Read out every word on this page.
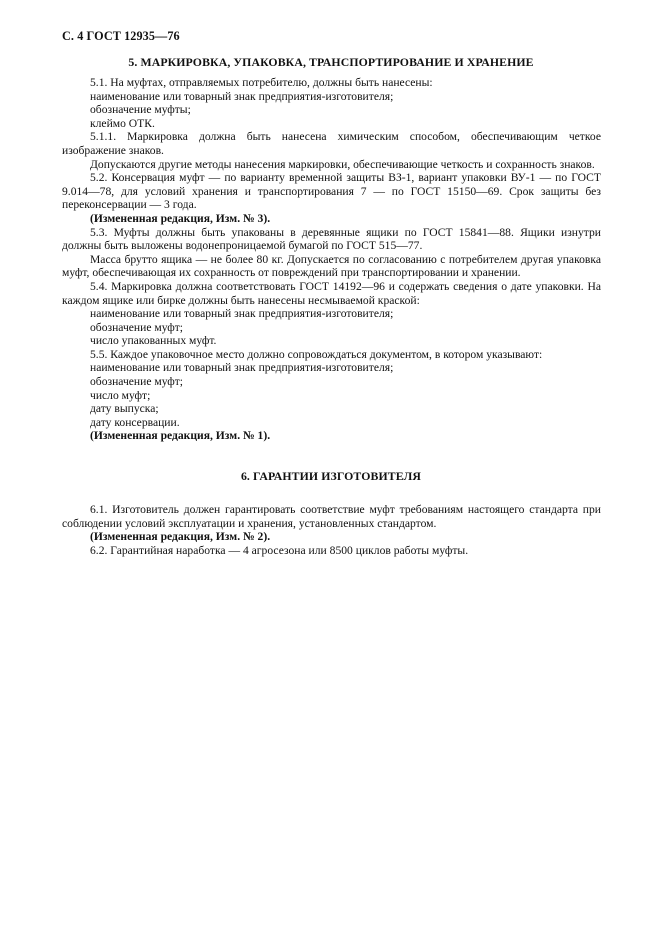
С. 4 ГОСТ 12935—76
5. МАРКИРОВКА, УПАКОВКА, ТРАНСПОРТИРОВАНИЕ И ХРАНЕНИЕ

5.1. На муфтах, отправляемых потребителю, должны быть нанесены:

наименование или товарный знак предприятия-изготовителя;

обозначение муфты;

клеймо ОТК.

5.1.1. Маркировка должна быть нанесена химическим способом, обеспечивающим четкое изображение знаков.

Допускаются другие методы нанесения маркировки, обеспечивающие четкость и сохранность знаков.

5.2. Консервация муфт — по варианту временной защиты ВЗ-1, вариант упаковки ВУ-1 — по ГОСТ 9.014—78, для условий хранения и транспортирования 7 — по ГОСТ 15150—69. Срок защиты без переконсервации — 3 года.

(Измененная редакция, Изм. № 3).

5.3. Муфты должны быть упакованы в деревянные ящики по ГОСТ 15841—88. Ящики изнутри должны быть выложены водонепроницаемой бумагой по ГОСТ 515—77.

Масса брутто ящика — не более 80 кг. Допускается по согласованию с потребителем другая упаковка муфт, обеспечивающая их сохранность от повреждений при транспортировании и хранении.

5.4. Маркировка должна соответствовать ГОСТ 14192—96 и содержать сведения о дате упаковки. На каждом ящике или бирке должны быть нанесены несмываемой краской:

наименование или товарный знак предприятия-изготовителя;

обозначение муфт;

число упакованных муфт.

5.5. Каждое упаковочное место должно сопровождаться документом, в котором указывают:

наименование или товарный знак предприятия-изготовителя;

обозначение муфт;

число муфт;

дату выпуска;

дату консервации.

(Измененная редакция, Изм. № 1).

6. ГАРАНТИИ ИЗГОТОВИТЕЛЯ

6.1. Изготовитель должен гарантировать соответствие муфт требованиям настоящего стандарта при соблюдении условий эксплуатации и хранения, установленных стандартом.

(Измененная редакция, Изм. № 2).

6.2. Гарантийная наработка — 4 агросезона или 8500 циклов работы муфты.
